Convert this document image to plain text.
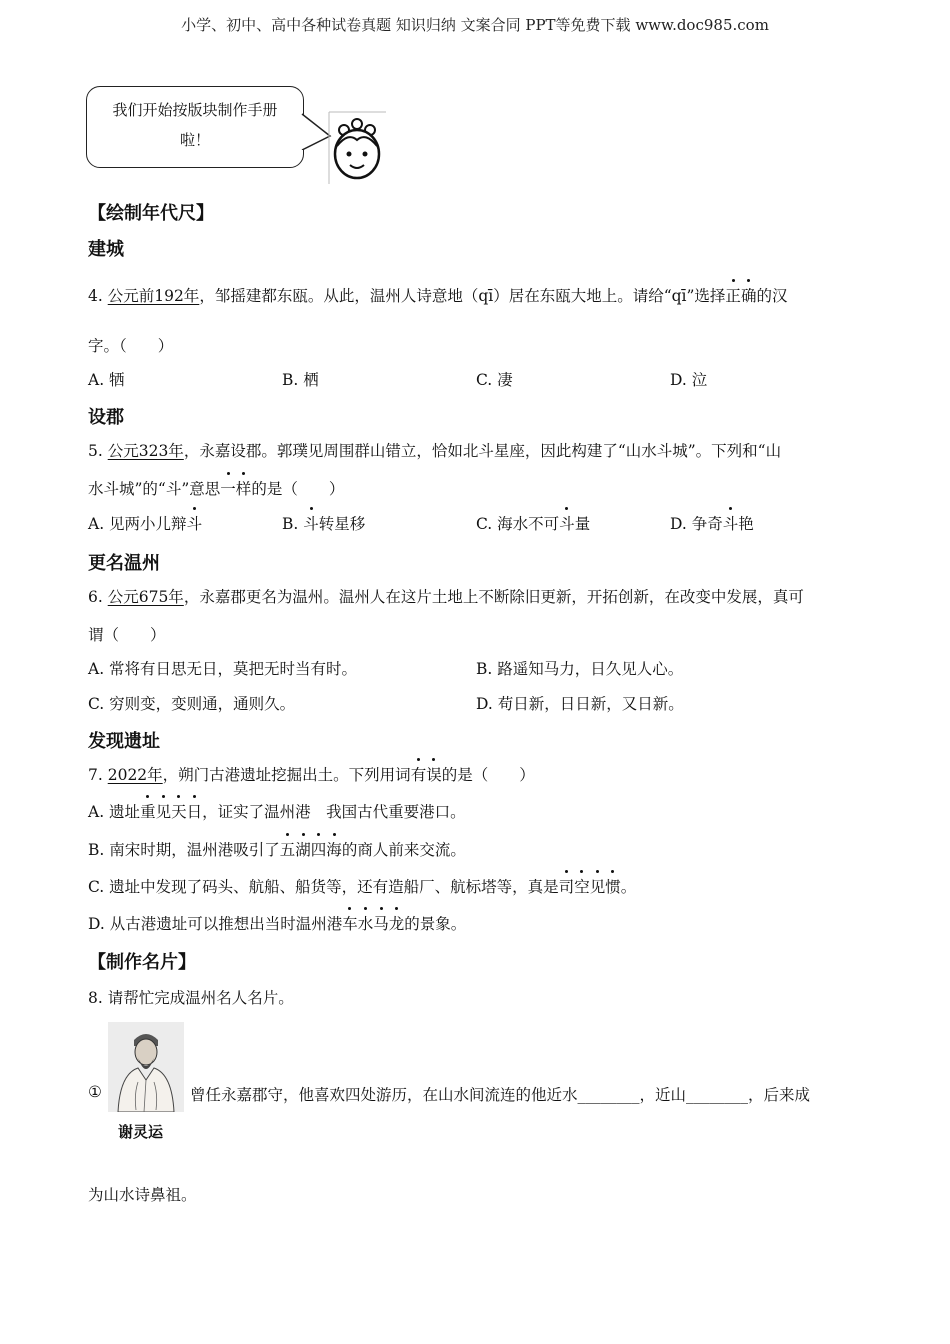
小学、初中、高中各种试卷真题 知识归纳 文案合同 PPT等免费下载 www.doc985.com
我们开始按版块制作手册
啦！
【绘制年代尺】
建城
4. 公元前192年，邹摇建都东瓯。从此，温州人诗意地（qī）居在东瓯大地上。请给“qī”选择正确的汉
字。（　　）
A. 牺	B. 栖	C. 凄	D. 泣
设郡
5. 公元323年，永嘉设郡。郭璞见周围群山错立，恰如北斗星座，因此构建了“山水斗城”。下列和“山
水斗城”的“斗”意思一样的是（　　）
A. 见两小儿辩斗	B. 斗转星移	C. 海水不可斗量	D. 争奇斗艳
更名温州
6. 公元675年，永嘉郡更名为温州。温州人在这片土地上不断除旧更新，开拓创新，在改变中发展，真可
谓（　　）
A. 常将有日思无日，莫把无时当有时。	B. 路遥知马力，日久见人心。
C. 穷则变，变则通，通则久。	D. 苟日新，日日新，又日新。
发现遗址
7. 2022年，朔门古港遗址挖掘出土。下列用词有误的是（　　）
A. 遗址重见天日，证实了温州港　我国古代重要港口。
B. 南宋时期，温州港吸引了五湖四海的商人前来交流。
C. 遗址中发现了码头、航船、船货等，还有造船厂、航标塔等，真是司空见惯。
D. 从古港遗址可以推想出当时温州港车水马龙的景象。
【制作名片】
8. 请帮忙完成温州名人名片。
①
谢灵运
曾任永嘉郡守，他喜欢四处游历，在山水间流连的他近水________，近山________，后来成
为山水诗鼻祖。
